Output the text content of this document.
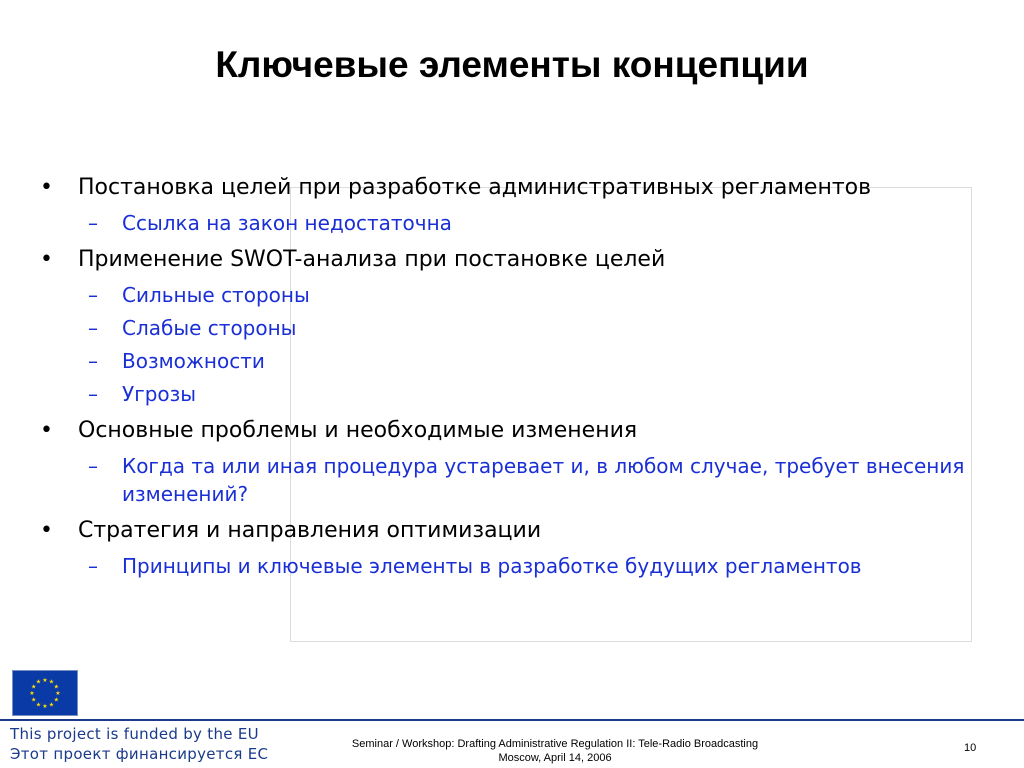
Ключевые элементы концепции
• Постановка целей при разработке административных регламентов
– Ссылка на закон недостаточна
• Применение SWOT-анализа при постановке целей
– Сильные стороны
– Слабые стороны
– Возможности
– Угрозы
• Основные проблемы и необходимые изменения
– Когда та или иная процедура устаревает и, в любом случае, требует внесения изменений?
• Стратегия и направления оптимизации
– Принципы и ключевые элементы в разработке будущих регламентов
★ ★
★
★
★
★
★
★
★
★
★
★
This project is funded by the EU
Этот проект финансируется ЕС
Seminar / Workshop: Drafting Administrative Regulation II: Tele-Radio Broadcasting
Moscow, April 14, 2006
10
